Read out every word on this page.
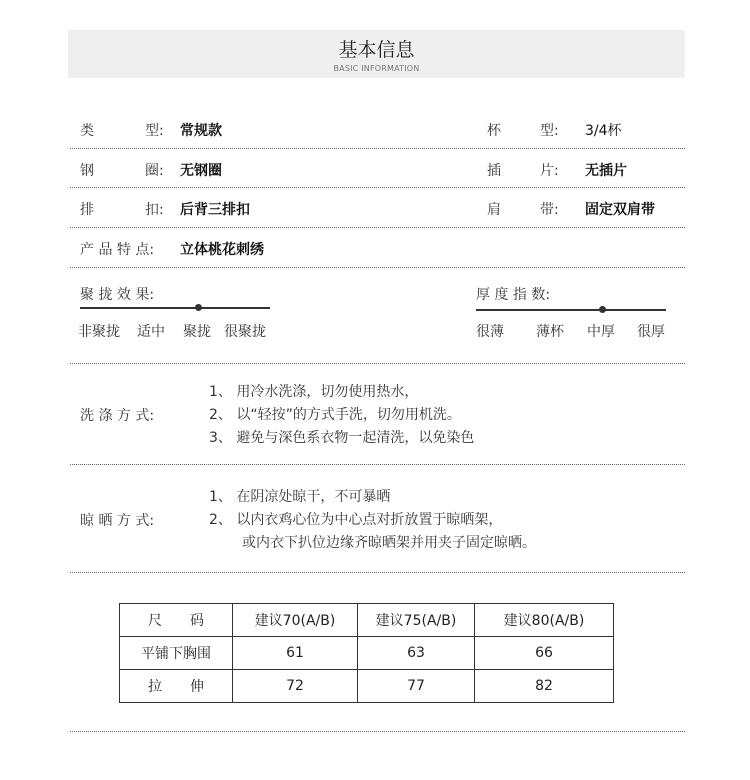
基本信息
BASIC INFORMATION
类	型: 常规款	杯	型: 3/4杯
钢	圈: 无钢圈	插	片: 无插片
排	扣: 后背三排扣	肩	带: 固定双肩带
产 品 特 点: 立体桃花刺绣
聚 拢 效 果:
非聚拢 适中 聚拢 很聚拢
厚 度 指 数:
很薄 薄杯 中厚 很厚
洗 涤 方 式:
1、 用冷水洗涤，切勿使用热水，
2、 以“轻按”的方式手洗，切勿用机洗。
3、 避免与深色系衣物一起清洗，以免染色
晾 晒 方 式:
1、 在阴凉处晾干，不可暴晒
2、 以内衣鸡心位为中心点对折放置于晾晒架，
或内衣下扒位边缘齐晾晒架并用夹子固定晾晒。
尺　　码	建议70(A/B)	建议75(A/B)	建议80(A/B)
平铺下胸围	61	63	66
拉　　伸	72	77	82
